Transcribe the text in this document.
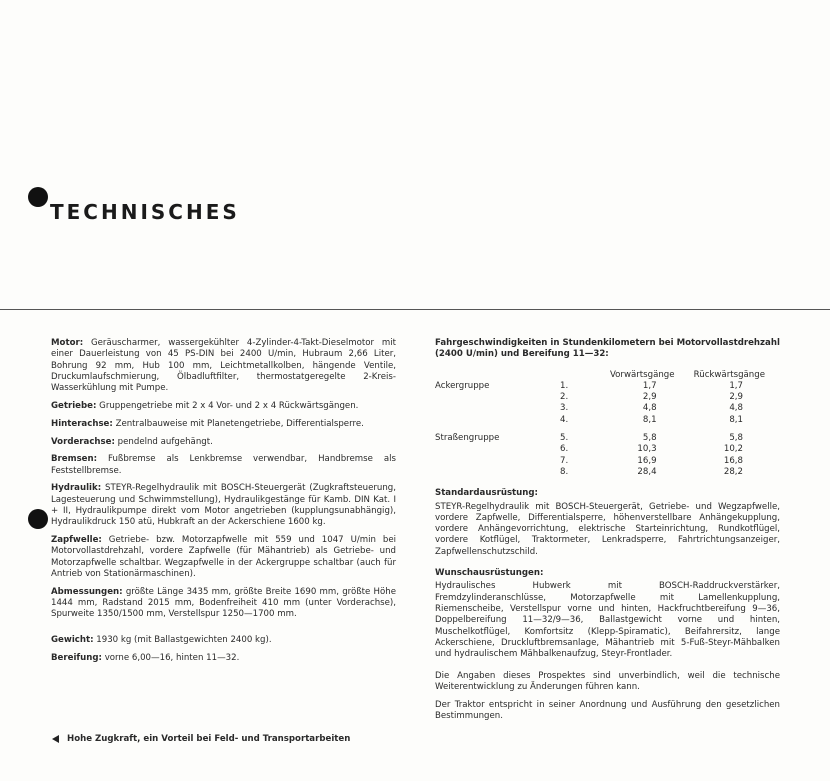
TECHNISCHES

Motor: Geräuscharmer, wassergekühlter 4-Zylinder-4-Takt-Dieselmotor mit einer Dauerleistung von 45 PS-DIN bei 2400 U/min, Hubraum 2,66 Liter, Bohrung 92 mm, Hub 100 mm, Leichtmetallkolben, hängende Ventile, Druckumlaufschmierung, Ölbadluftfilter, thermostatgeregelte 2-Kreis-Wasserkühlung mit Pumpe.

Getriebe: Gruppengetriebe mit 2 x 4 Vor- und 2 x 4 Rückwärtsgängen.

Hinterachse: Zentralbauweise mit Planetengetriebe, Differentialsperre.

Vorderachse: pendelnd aufgehängt.

Bremsen: Fußbremse als Lenkbremse verwendbar, Handbremse als Feststellbremse.

Hydraulik: STEYR-Regelhydraulik mit BOSCH-Steuergerät (Zugkraftsteuerung, Lagesteuerung und Schwimmstellung), Hydraulikgestänge für Kamb. DIN Kat. I + II, Hydraulikpumpe direkt vom Motor angetrieben (kupplungsunabhängig), Hydraulikdruck 150 atü, Hubkraft an der Ackerschiene 1600 kg.

Zapfwelle: Getriebe- bzw. Motorzapfwelle mit 559 und 1047 U/min bei Motorvollastdrehzahl, vordere Zapfwelle (für Mähantrieb) als Getriebe- und Motorzapfwelle schaltbar. Wegzapfwelle in der Ackergruppe schaltbar (auch für Antrieb von Stationärmaschinen).

Abmessungen: größte Länge 3435 mm, größte Breite 1690 mm, größte Höhe 1444 mm, Radstand 2015 mm, Bodenfreiheit 410 mm (unter Vorderachse), Spurweite 1350/1500 mm, Verstellspur 1250—1700 mm.

Gewicht: 1930 kg (mit Ballastgewichten 2400 kg).

Bereifung: vorne 6,00—16, hinten 11—32.

Fahrgeschwindigkeiten in Stundenkilometern bei Motorvollastdrehzahl (2400 U/min) und Bereifung 11—32:

		Vorwärtsgänge	Rückwärtsgänge
Ackergruppe	1.	1,7	1,7
	2.	2,9	2,9
	3.	4,8	4,8
	4.	8,1	8,1

Straßengruppe	5.	5,8	5,8
	6.	10,3	10,2
	7.	16,9	16,8
	8.	28,4	28,2

Standardausrüstung:

STEYR-Regelhydraulik mit BOSCH-Steuergerät, Getriebe- und Wegzapfwelle, vordere Zapfwelle, Differentialsperre, höhenverstellbare Anhängekupplung, vordere Anhängevorrichtung, elektrische Starteinrichtung, Rundkotflügel, vordere Kotflügel, Traktormeter, Lenkradsperre, Fahrtrichtungsanzeiger, Zapfwellenschutzschild.

Wunschausrüstungen:

Hydraulisches Hubwerk mit BOSCH-Raddruckverstärker, Fremdzylinderanschlüsse, Motorzapfwelle mit Lamellenkupplung, Riemenscheibe, Verstellspur vorne und hinten, Hackfruchtbereifung 9—36, Doppelbereifung 11—32/9—36, Ballastgewicht vorne und hinten, Muschelkotflügel, Komfortsitz (Klepp-Spiramatic), Beifahrersitz, lange Ackerschiene, Druckluftbremsanlage, Mähantrieb mit 5-Fuß-Steyr-Mähbalken und hydraulischem Mähbalkenaufzug, Steyr-Frontlader.

Die Angaben dieses Prospektes sind unverbindlich, weil die technische Weiterentwicklung zu Änderungen führen kann.

Der Traktor entspricht in seiner Anordnung und Ausführung den gesetzlichen Bestimmungen.

Hohe Zugkraft, ein Vorteil bei Feld- und Transportarbeiten
